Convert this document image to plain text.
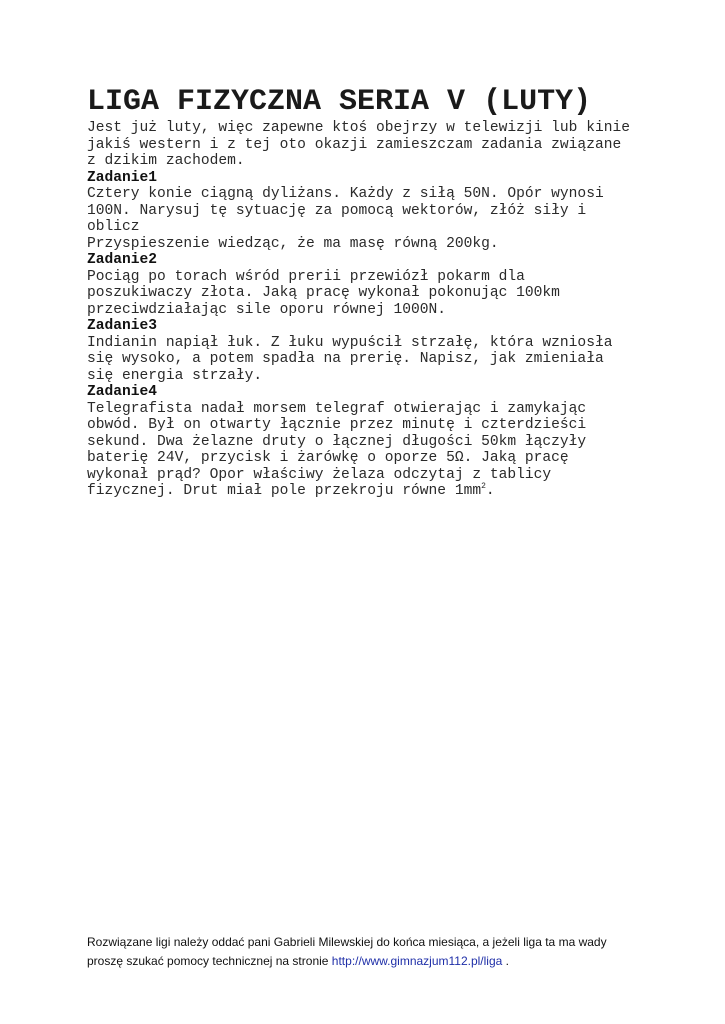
LIGA FIZYCZNA SERIA V (LUTY)

Jest już luty, więc zapewne ktoś obejrzy w telewizji lub kinie
jakiś western i z tej oto okazji zamieszczam zadania związane
z dzikim zachodem.

Zadanie1

Cztery konie ciągną dyliżans. Każdy z siłą 50N. Opór wynosi
100N. Narysuj tę sytuację za pomocą wektorów, złóż siły i
oblicz
Przyspieszenie wiedząc, że ma masę równą 200kg.

Zadanie2

Pociąg po torach wśród prerii przewiózł pokarm dla
poszukiwaczy złota. Jaką pracę wykonał pokonując 100km
przeciwdziałając sile oporu równej 1000N.

Zadanie3

Indianin napiął łuk. Z łuku wypuścił strzałę, która wzniosła
się wysoko, a potem spadła na prerię. Napisz, jak zmieniała
się energia strzały.

Zadanie4

Telegrafista nadał morsem telegraf otwierając i zamykając
obwód. Był on otwarty łącznie przez minutę i czterdzieści
sekund. Dwa żelazne druty o łącznej długości 50km łączyły
baterię 24V, przycisk i żarówkę o oporze 5Ω. Jaką pracę
wykonał prąd? Opor właściwy żelaza odczytaj z tablicy
fizycznej. Drut miał pole przekroju równe $1mm^2$.

Rozwiązane ligi należy oddać pani Gabrieli Milewskiej do końca miesiąca, a jeżeli liga ta ma wady
proszę szukać pomocy technicznej na stronie http://www.gimnazjum112.pl/liga .
